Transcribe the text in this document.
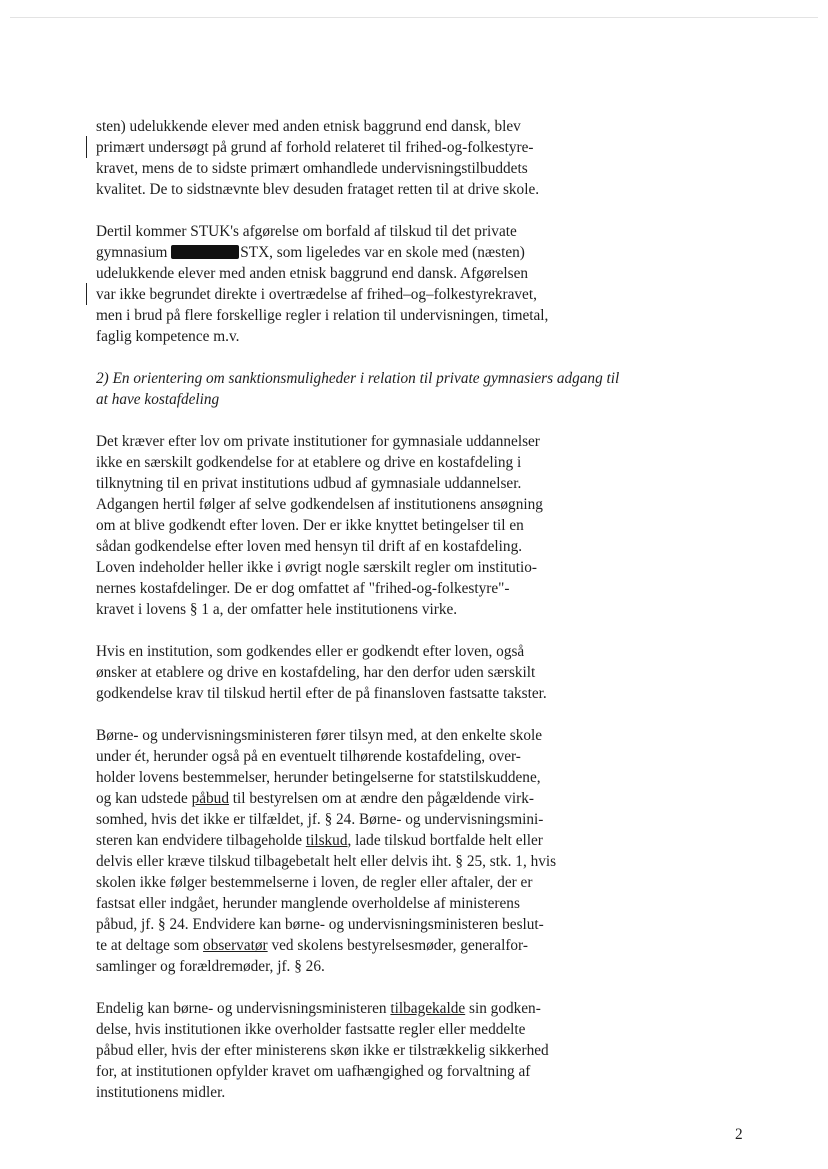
sten) udelukkende elever med anden etnisk baggrund end dansk, blev
primært undersøgt på grund af forhold relateret til frihed-og-folkestyre-
kravet, mens de to sidste primært omhandlede undervisningstilbuddets
kvalitet. De to sidstnævnte blev desuden frataget retten til at drive skole.

Dertil kommer STUK's afgørelse om borfald af tilskud til det private
gymnasium	STX, som ligeledes var en skole med (næsten)
udelukkende elever med anden etnisk baggrund end dansk. Afgørelsen
var ikke begrundet direkte i overtrædelse af frihed–og–folkestyrekravet,
men i brud på flere forskellige regler i relation til undervisningen, timetal,
faglig kompetence m.v.

2) En orientering om sanktionsmuligheder i relation til private gymnasiers adgang til
at have kostafdeling

Det kræver efter lov om private institutioner for gymnasiale uddannelser
ikke en særskilt godkendelse for at etablere og drive en kostafdeling i
tilknytning til en privat institutions udbud af gymnasiale uddannelser.
Adgangen hertil følger af selve godkendelsen af institutionens ansøgning
om at blive godkendt efter loven. Der er ikke knyttet betingelser til en
sådan godkendelse efter loven med hensyn til drift af en kostafdeling.
Loven indeholder heller ikke i øvrigt nogle særskilt regler om institutio-
nernes kostafdelinger. De er dog omfattet af "frihed-og-folkestyre"-
kravet i lovens § 1 a, der omfatter hele institutionens virke.

Hvis en institution, som godkendes eller er godkendt efter loven, også
ønsker at etablere og drive en kostafdeling, har den derfor uden særskilt
godkendelse krav til tilskud hertil efter de på finansloven fastsatte takster.

Børne- og undervisningsministeren fører tilsyn med, at den enkelte skole
under ét, herunder også på en eventuelt tilhørende kostafdeling, over-
holder lovens bestemmelser, herunder betingelserne for statstilskuddene,
og kan udstede påbud til bestyrelsen om at ændre den pågældende virk-
somhed, hvis det ikke er tilfældet, jf. § 24. Børne- og undervisningsmini-
steren kan endvidere tilbageholde tilskud, lade tilskud bortfalde helt eller
delvis eller kræve tilskud tilbagebetalt helt eller delvis iht. § 25, stk. 1, hvis
skolen ikke følger bestemmelserne i loven, de regler eller aftaler, der er
fastsat eller indgået, herunder manglende overholdelse af ministerens
påbud, jf. § 24. Endvidere kan børne- og undervisningsministeren beslut-
te at deltage som observatør ved skolens bestyrelsesmøder, generalfor-
samlinger og forældremøder, jf. § 26.

Endelig kan børne- og undervisningsministeren tilbagekalde sin godken-
delse, hvis institutionen ikke overholder fastsatte regler eller meddelte
påbud eller, hvis der efter ministerens skøn ikke er tilstrækkelig sikkerhed
for, at institutionen opfylder kravet om uafhængighed og forvaltning af
institutionens midler.

2
